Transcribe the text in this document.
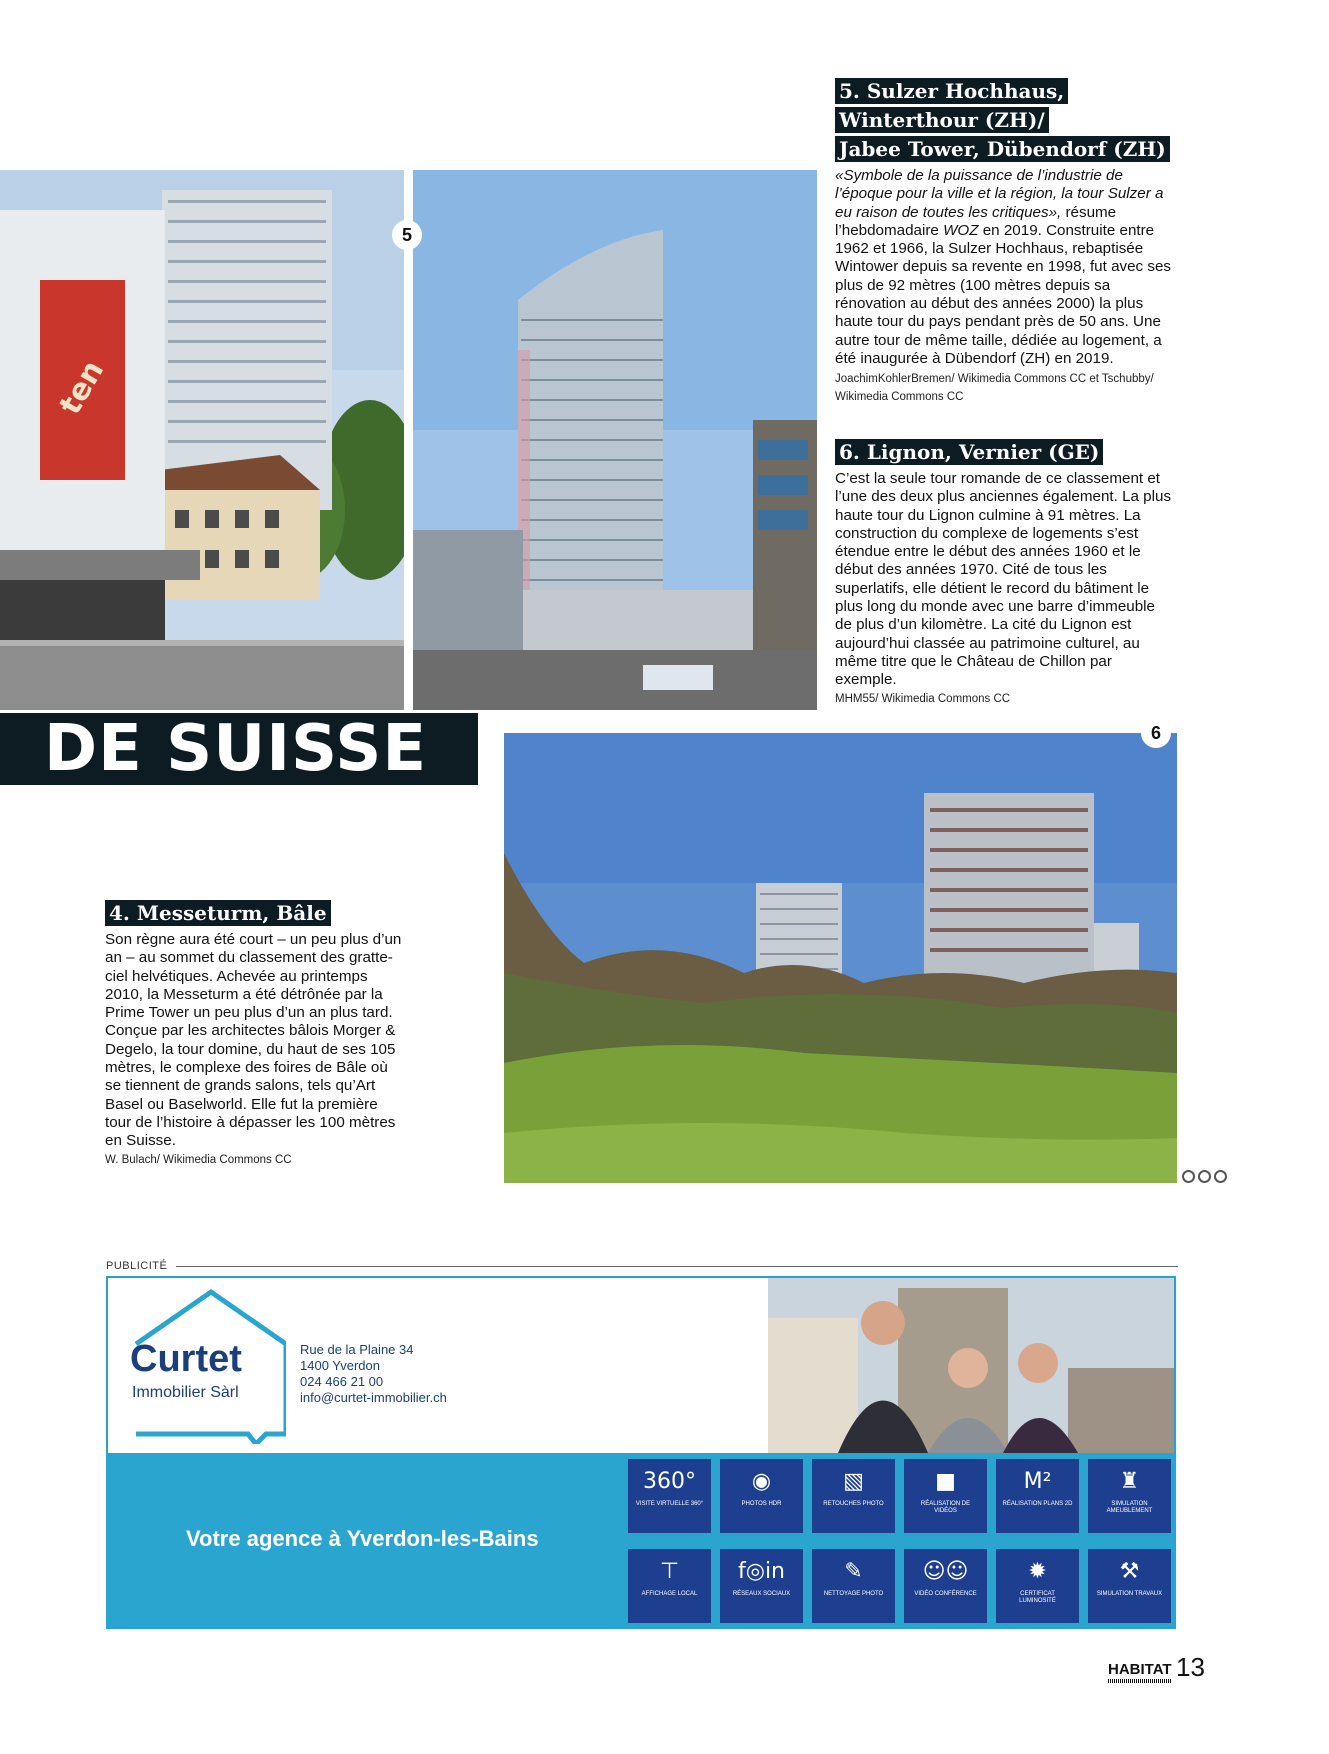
ten
5
6
DE SUISSE
5. Sulzer Hochhaus,
Winterthour (ZH)/
Jabee Tower, Dübendorf (ZH)
«Symbole de la puissance de l’industrie de l’époque pour la ville et la région, la tour Sulzer a eu raison de toutes les critiques», résume l’hebdomadaire WOZ en 2019. Construite entre 1962 et 1966, la Sulzer Hochhaus, rebaptisée Wintower depuis sa revente en 1998, fut avec ses plus de 92 mètres (100 mètres depuis sa rénovation au début des années 2000) la plus haute tour du pays pendant près de 50 ans. Une autre tour de même taille, dédiée au logement, a été inaugurée à Dübendorf (ZH) en 2019.
JoachimKohlerBremen/ Wikimedia Commons CC et Tschubby/ Wikimedia Commons CC
6. Lignon, Vernier (GE)
C’est la seule tour romande de ce classement et l’une des deux plus anciennes également. La plus haute tour du Lignon culmine à 91 mètres. La construction du complexe de logements s’est étendue entre le début des années 1960 et le début des années 1970. Cité de tous les superlatifs, elle détient le record du bâtiment le plus long du monde avec une barre d’immeuble de plus d’un kilomètre. La cité du Lignon est aujourd’hui classée au patrimoine culturel, au même titre que le Château de Chillon par exemple.
MHM55/ Wikimedia Commons CC
4. Messeturm, Bâle
Son règne aura été court – un peu plus d’un an – au sommet du classement des gratte-ciel helvétiques. Achevée au printemps 2010, la Messeturm a été détrônée par la Prime Tower un peu plus d’un an plus tard. Conçue par les architectes bâlois Morger & Degelo, la tour domine, du haut de ses 105 mètres, le complexe des foires de Bâle où se tiennent de grands salons, tels qu’Art Basel ou Baselworld. Elle fut la première tour de l’histoire à dépasser les 100 mètres en Suisse.
W. Bulach/ Wikimedia Commons CC
PUBLICITÉ
Curtet
Immobilier Sàrl
Rue de la Plaine 34
1400 Yverdon
024 466 21 00
info@curtet-immobilier.ch
Votre agence à Yverdon-les-Bains
360°
VISITE VIRTUELLE 360°
◉
PHOTOS HDR
▧
RETOUCHES PHOTO
■
RÉALISATION DE VIDÉOS
M²
RÉALISATION PLANS 2D
♜
SIMULATION AMEUBLEMENT
⊤
AFFICHAGE LOCAL
f◎in
RÉSEAUX SOCIAUX
✎
NETTOYAGE PHOTO
☺☺
VIDÉO CONFÉRENCE
✹
CERTIFICAT LUMINOSITÉ
⚒
SIMULATION TRAVAUX
HABITAT 13
